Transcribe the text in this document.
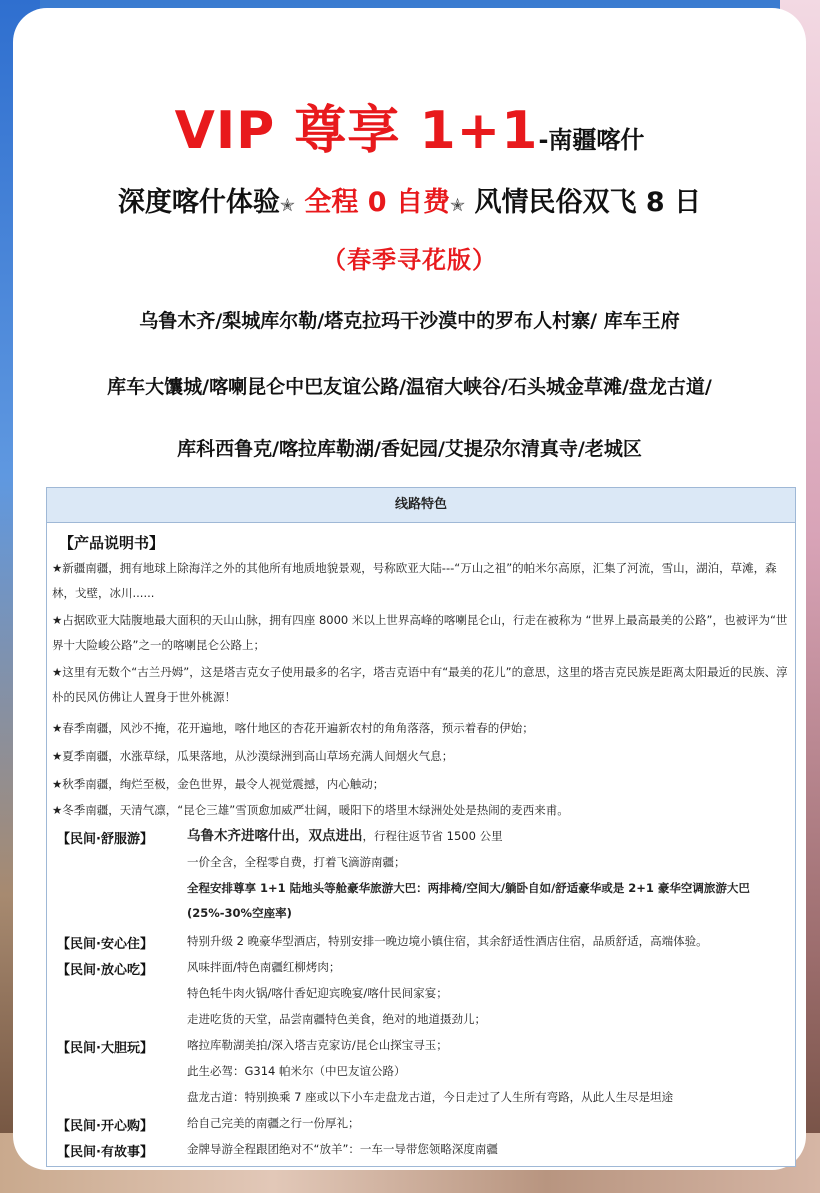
VIP 尊享 1+1-南疆喀什
深度喀什体验✭ 全程 0 自费✭ 风情民俗双飞 8 日
（春季寻花版）
乌鲁木齐/梨城库尔勒/塔克拉玛干沙漠中的罗布人村寨/ 库车王府
库车大馕城/喀喇昆仑中巴友谊公路/温宿大峡谷/石头城金草滩/盘龙古道/
库科西鲁克/喀拉库勒湖/香妃园/艾提尕尔清真寺/老城区
线路特色
【产品说明书】
★新疆南疆，拥有地球上除海洋之外的其他所有地质地貌景观，号称欧亚大陆---“万山之祖”的帕米尔高原，汇集了河流，雪山，湖泊，草滩，森林，戈壁，冰川......
★占据欧亚大陆腹地最大面积的天山山脉，拥有四座 8000 米以上世界高峰的喀喇昆仑山，行走在被称为 “世界上最高最美的公路”，也被评为“世界十大险峻公路”之一的喀喇昆仑公路上；
★这里有无数个“古兰丹姆”，这是塔吉克女子使用最多的名字，塔吉克语中有“最美的花儿”的意思，这里的塔吉克民族是距离太阳最近的民族、淳朴的民风仿佛让人置身于世外桃源！
★春季南疆，风沙不掩，花开遍地，喀什地区的杏花开遍新农村的角角落落，预示着春的伊始；
★夏季南疆，水涨草绿，瓜果落地，从沙漠绿洲到高山草场充满人间烟火气息；
★秋季南疆，绚烂至极，金色世界，最令人视觉震撼，内心触动；
★冬季南疆，天清气凛，“昆仑三雄”雪顶愈加威严壮阔，暖阳下的塔里木绿洲处处是热闹的麦西来甫。
【民间·舒服游】	乌鲁木齐进喀什出，双点进出，行程往返节省 1500 公里
一价全含，全程零自费，打着飞滴游南疆；
全程安排尊享 1+1 陆地头等舱豪华旅游大巴：两排椅/空间大/躺卧自如/舒适豪华或是 2+1 豪华空调旅游大巴(25%-30%空座率)
【民间·安心住】	特别升级 2 晚豪华型酒店，特别安排一晚边境小镇住宿，其余舒适性酒店住宿，品质舒适，高端体验。
【民间·放心吃】	风味拌面/特色南疆红柳烤肉；
特色牦牛肉火锅/喀什香妃迎宾晚宴/喀什民间家宴；
走进吃货的天堂，品尝南疆特色美食，绝对的地道摄劲儿；
【民间·大胆玩】	喀拉库勒湖美拍/深入塔吉克家访/昆仑山探宝寻玉；
此生必驾：G314 帕米尔（中巴友谊公路）
盘龙古道：特别换乘 7 座或以下小车走盘龙古道，今日走过了人生所有弯路，从此人生尽是坦途
【民间·开心购】	给自己完美的南疆之行一份厚礼；
【民间·有故事】	金牌导游全程跟团绝对不“放羊”：一车一导带您领略深度南疆
